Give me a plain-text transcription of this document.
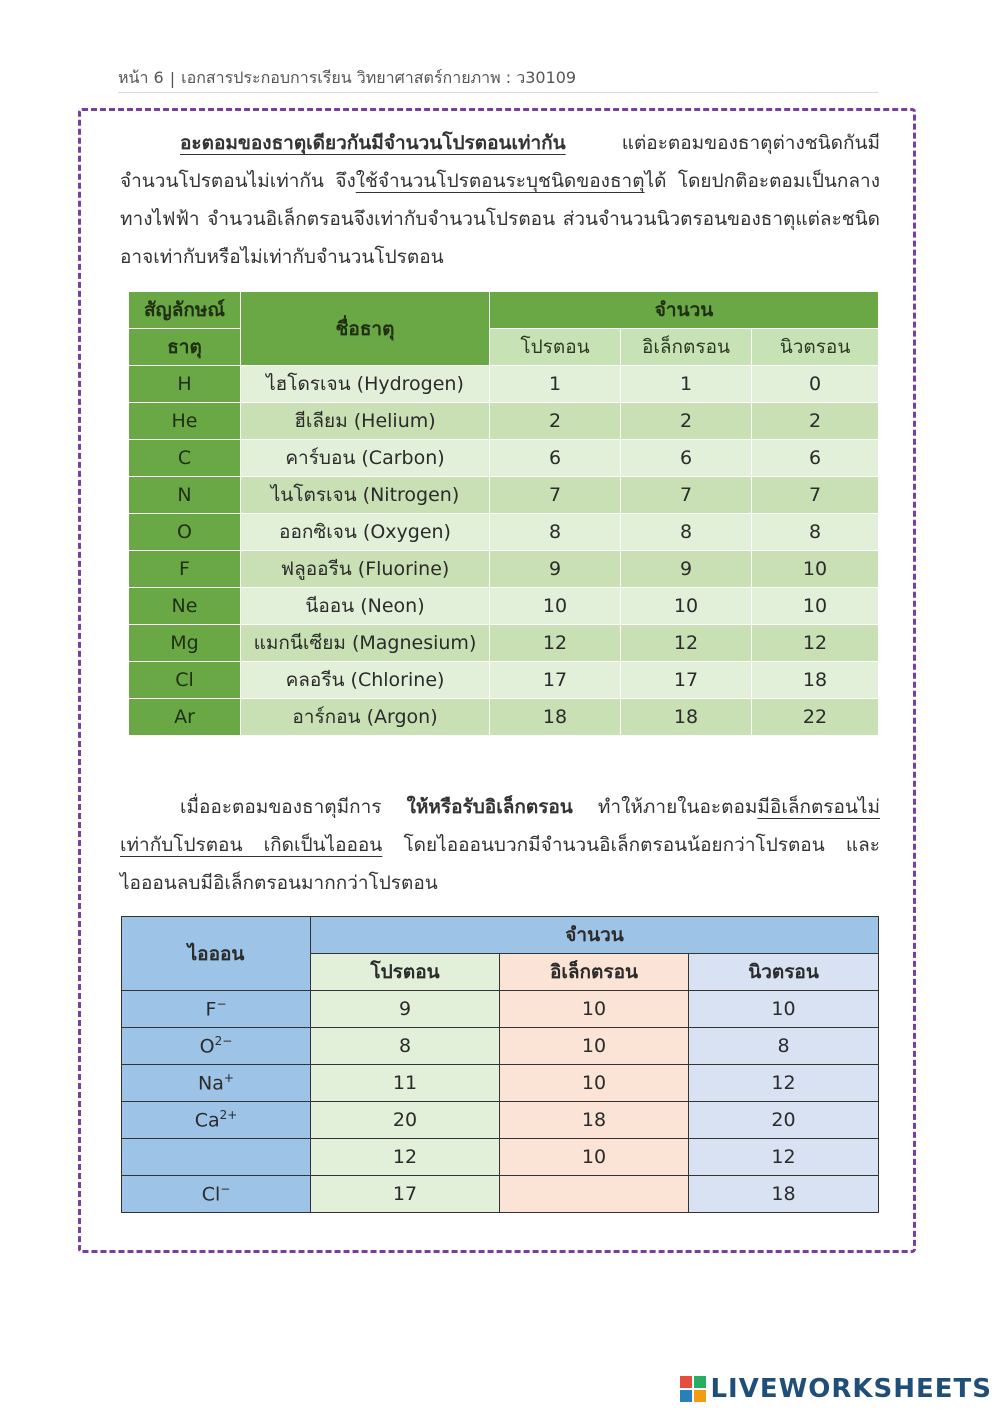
หน้า 6 | เอกสารประกอบการเรียน วิทยาศาสตร์กายภาพ : ว30109
อะตอมของธาตุเดียวกันมีจำนวนโปรตอนเท่ากัน แต่อะตอมของธาตุต่างชนิดกันมีจำนวนโปรตอนไม่เท่ากัน จึงใช้จำนวนโปรตอนระบุชนิดของธาตุได้ โดยปกติอะตอมเป็นกลางทางไฟฟ้า จำนวนอิเล็กตรอนจึงเท่ากับจำนวนโปรตอน ส่วนจำนวนนิวตรอนของธาตุแต่ละชนิดอาจเท่ากับหรือไม่เท่ากับจำนวนโปรตอน
สัญลักษณ์	ชื่อธาตุ	จำนวน		
ธาตุ		โปรตอน	อิเล็กตรอน	นิวตรอน
H	ไฮโดรเจน (Hydrogen)	1	1	0
He	ฮีเลียม (Helium)	2	2	2
C	คาร์บอน (Carbon)	6	6	6
N	ไนโตรเจน (Nitrogen)	7	7	7
O	ออกซิเจน (Oxygen)	8	8	8
F	ฟลูออรีน (Fluorine)	9	9	10
Ne	นีออน (Neon)	10	10	10
Mg	แมกนีเซียม (Magnesium)	12	12	12
Cl	คลอรีน (Chlorine)	17	17	18
Ar	อาร์กอน (Argon)	18	18	22
เมื่ออะตอมของธาตุมีการ ให้หรือรับอิเล็กตรอน ทำให้ภายในอะตอมมีอิเล็กตรอนไม่เท่ากับโปรตอน เกิดเป็นไอออน โดยไอออนบวกมีจำนวนอิเล็กตรอนน้อยกว่าโปรตอน และไอออนลบมีอิเล็กตรอนมากกว่าโปรตอน
ไอออน	จำนวน		
	โปรตอน	อิเล็กตรอน	นิวตรอน
F−	9	10	10
$O^{2-}$	8	10	8
Na+	11	10	12
$Ca^{2+}$	20	18	20
	12	10	12
Cl−	17		18
LIVEWORKSHEETS
